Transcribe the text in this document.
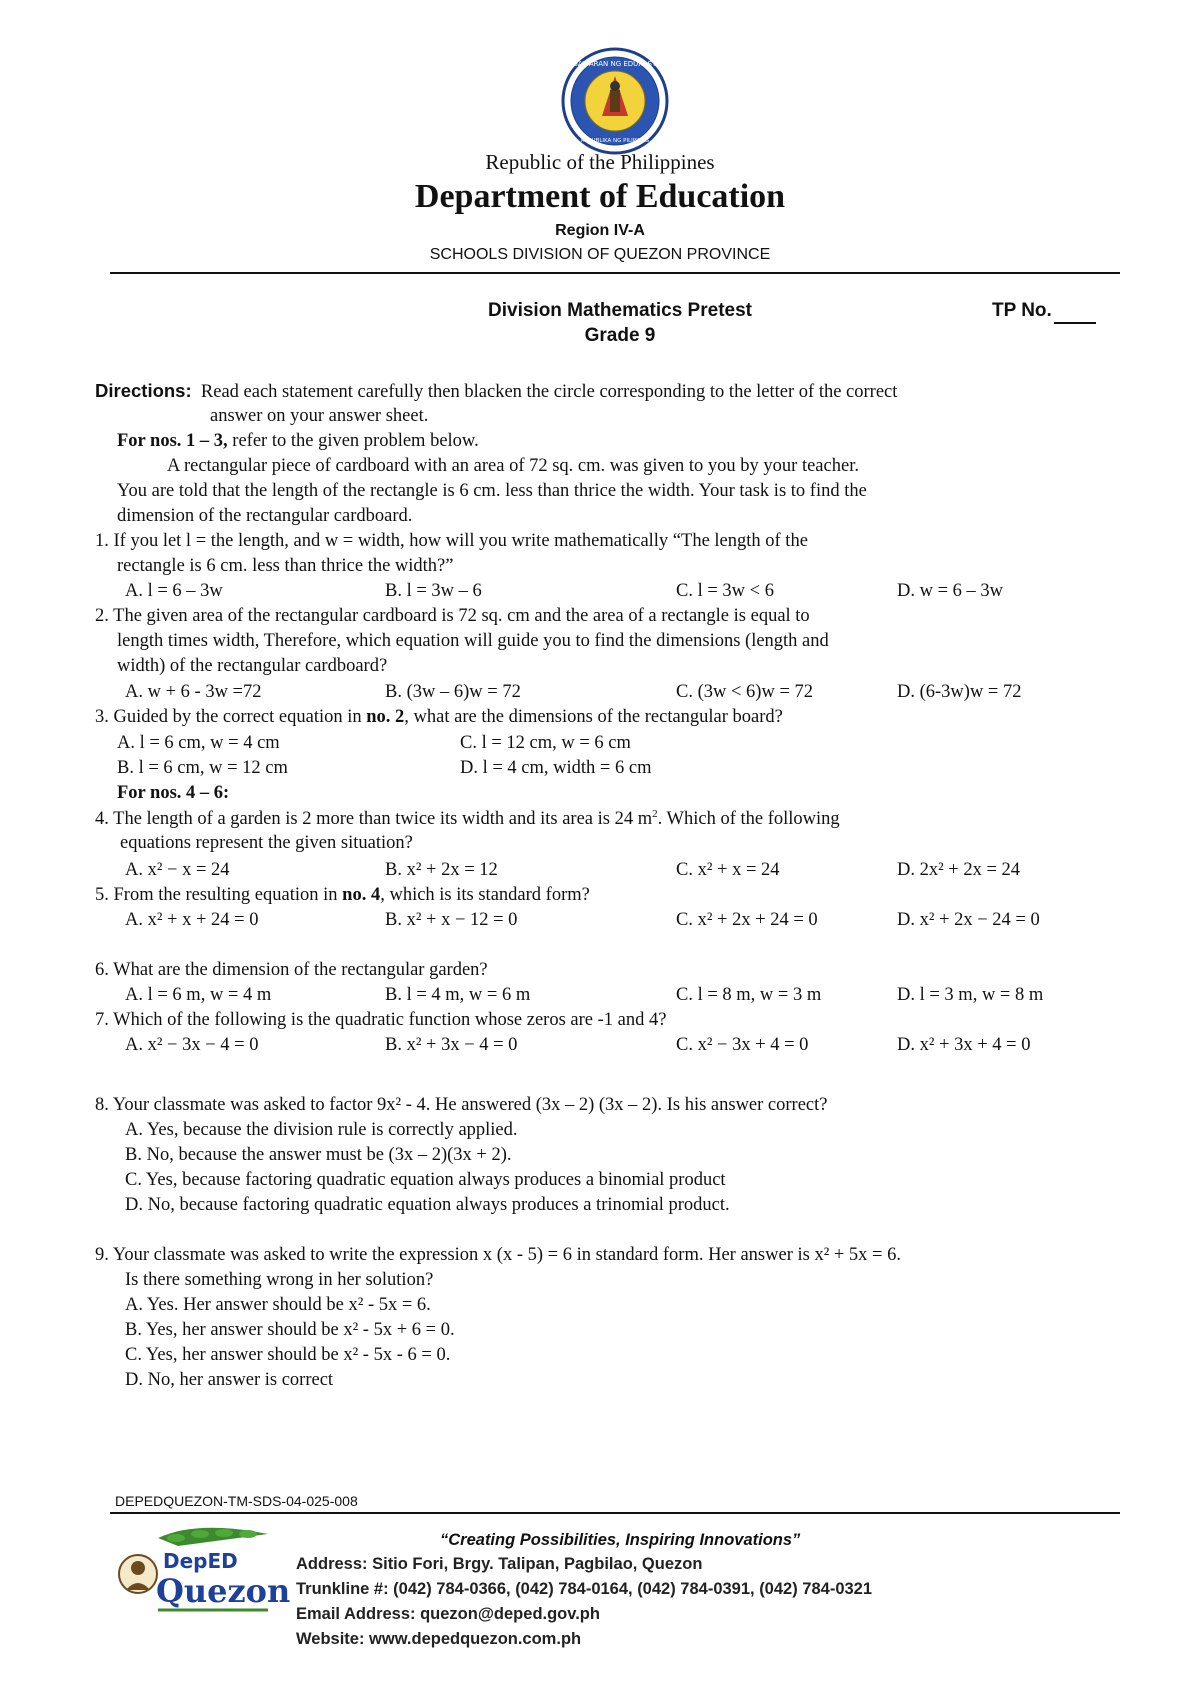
KAGAWARAN NG EDUKASYON
REPUBLIKA NG PILIPINAS
Republic of the Philippines
Department of Education
Region IV-A
SCHOOLS DIVISION OF QUEZON PROVINCE
Division Mathematics Pretest
Grade 9
TP No.
Directions: Read each statement carefully then blacken the circle corresponding to the letter of the correct
answer on your answer sheet.
For nos. 1 – 3, refer to the given problem below.
A rectangular piece of cardboard with an area of 72 sq. cm. was given to you by your teacher.
You are told that the length of the rectangle is 6 cm. less than thrice the width. Your task is to find the
dimension of the rectangular cardboard.
1. If you let l = the length, and w = width, how will you write mathematically “The length of the
rectangle is 6 cm. less than thrice the width?”
A. l = 6 – 3w	B. l = 3w – 6	C. l = 3w < 6	D. w = 6 – 3w
2. The given area of the rectangular cardboard is 72 sq. cm and the area of a rectangle is equal to
length times width, Therefore, which equation will guide you to find the dimensions (length and
width) of the rectangular cardboard?
A. w + 6 - 3w =72	B. (3w – 6)w = 72	C. (3w < 6)w = 72	D. (6-3w)w = 72
3. Guided by the correct equation in no. 2, what are the dimensions of the rectangular board?
A. l = 6 cm, w = 4 cm	C. l = 12 cm, w = 6 cm
B. l = 6 cm, w = 12 cm	D. l = 4 cm, width = 6 cm
For nos. 4 – 6:
4. The length of a garden is 2 more than twice its width and its area is 24 $m^2$. Which of the following
equations represent the given situation?
A. x² − x = 24	B. x² + 2x = 12	C. x² + x = 24	D. 2x² + 2x = 24
5. From the resulting equation in no. 4, which is its standard form?
A. x² + x + 24 = 0	B. x² + x − 12 = 0	C. x² + 2x + 24 = 0	D. x² + 2x − 24 = 0
6. What are the dimension of the rectangular garden?
A. l = 6 m, w = 4 m	B. l = 4 m, w = 6 m	C. l = 8 m, w = 3 m	D. l = 3 m, w = 8 m
7. Which of the following is the quadratic function whose zeros are -1 and 4?
A. x² − 3x − 4 = 0	B. x² + 3x − 4 = 0	C. x² − 3x + 4 = 0	D. x² + 3x + 4 = 0
8. Your classmate was asked to factor 9x² - 4. He answered (3x – 2) (3x – 2). Is his answer correct?
A. Yes, because the division rule is correctly applied.
B. No, because the answer must be (3x – 2)(3x + 2).
C. Yes, because factoring quadratic equation always produces a binomial product
D. No, because factoring quadratic equation always produces a trinomial product.
9. Your classmate was asked to write the expression x (x - 5) = 6 in standard form. Her answer is x² + 5x = 6.
Is there something wrong in her solution?
A. Yes. Her answer should be x² - 5x = 6.
B. Yes, her answer should be x² - 5x + 6 = 0.
C. Yes, her answer should be x² - 5x - 6 = 0.
D. No, her answer is correct
DEPEDQUEZON-TM-SDS-04-025-008
DepED
Quezon
“Creating Possibilities, Inspiring Innovations”
Address: Sitio Fori, Brgy. Talipan, Pagbilao, Quezon
Trunkline #: (042) 784-0366, (042) 784-0164, (042) 784-0391, (042) 784-0321
Email Address: quezon@deped.gov.ph
Website: www.depedquezon.com.ph
